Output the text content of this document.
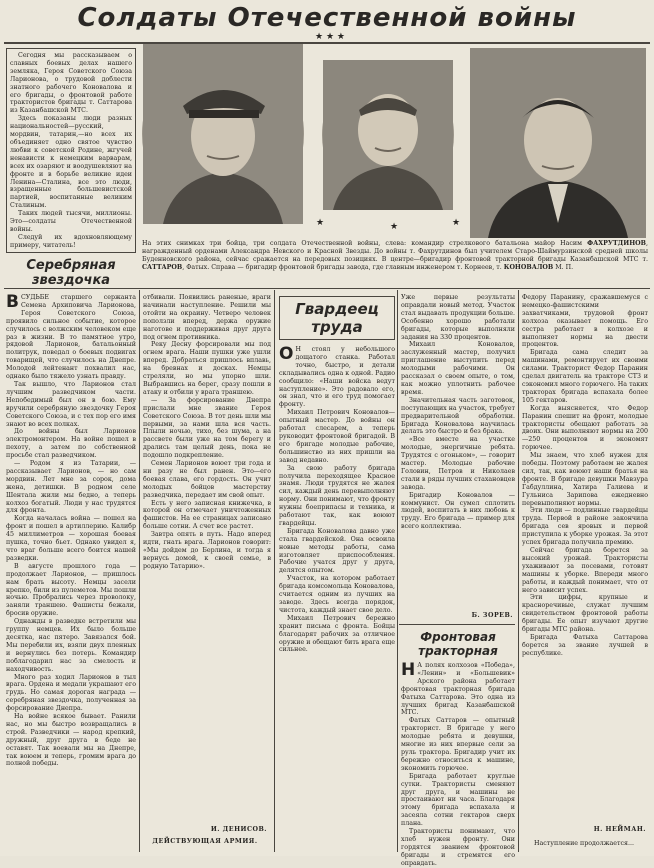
Солдаты Отечественной войны
★ ★ ★

Сегодня мы рассказываем о славных боевых делах нашего земляка, Героя Советского Союза Ларионова, о трудовой доблести знатного рабочего Коновалова и его бригады, о фронтовой работе трактористов бригады т. Саттарова из Казанбашской МТС.

Здесь показаны люди разных национальностей—русский, мордвин, татарин,—но всех их объединяет одно святое чувство любви к советской Родине, жгучей ненависти к немецким варварам, всех их озаряют и воодушевляют на фронте и в борьбе великие идеи Ленина—Сталина, все это люди, взращенные большевистской партией, воспитанные великим Сталиным.

Таких людей тысячи, миллионы. Это—солдаты Отечественной войны.

Следуй их вдохновляющему примеру, читатель!

★	★	★
На этих снимках три бойца, три солдата Отечественной войны, слева: командир стрелкового батальона майор Насим ФАХРУТДИНОВ, награжденный орденами Александра Невского и Красной Звезды. До войны т. Фахрутдинов был учителем Старо-Шаймурзинской средней школы Буденновского района, сейчас сражается на передовых позициях. В центре—бригадир фронтовой тракторной бригады Казанбашской МТС т. САТТАРОВ, Фатых. Справа — бригадир фронтовой бригады завода, где главным инженером т. Корнеев, т. КОНОВАЛОВ М. П.
Серебряная звездочка

ВСУДЬБЕ старшего сержанта Семена Архиповича Ларионова, Героя Советского Союза, проявило сильное событие, которое случилось с волжским человеком еще раз в жизни. В то памятное утро, рядовой Ларионов, батальонный политрук, поведал о боевых подвигах товарищей, что случилось на Днепре. Молодой лейтенант похвалил нас, однако было тяжело узнать правду.

Так вышло, что Ларионов стал лучшим разведчиком части. Непобедимый был он в бою. Ему вручили серебряную звездочку Героя Советского Союза, и с тех пор его имя знают во всех полках.

До войны был Ларионов электромонтером. На войне пошел в пехоту, а затем по собственной просьбе стал разведчиком.

— Родом я из Татарии, — рассказывает Ларионов, — но сам мордвин. Лет мне за сорок, дома жена, детишки. В родном селе Шентала жили мы бедно, а теперь колхоз богатый. Люди у нас трудятся для фронта.

Когда началась война — пошел на фронт и пошел в артиллерию. Калибр 45 миллиметров — хорошая боевая пушка, точно бьет. Однако увидел я, что враг больше всего боится нашей разведки.

В августе прошлого года — продолжает Ларионов, — пришлось нам брать высоту. Немцы засели крепко, били из пулеметов. Мы пошли ночью. Пробрались через проволоку, заняли траншею. Фашисты бежали, бросив оружие.

Однажды в разведке встретили мы группу немцев. Их было больше десятка, нас пятеро. Завязался бой. Мы перебили их, взяли двух пленных и вернулись без потерь. Командир поблагодарил нас за смелость и находчивость.

Много раз ходил Ларионов в тыл врага. Ордена и медали украшают его грудь. Но самая дорогая награда — серебряная звездочка, полученная за форсирование Днепра.

На войне всякое бывает. Ранили нас, но мы быстро возвращались в строй. Разведчики — народ крепкий, дружный, друг друга в беде не оставят. Так воевали мы на Днепре, так воюем и теперь, громим врага до полной победы.

отбивали. Появились раненые, враги начинали наступление. Решили мы отойти на окраину. Четверо человек поползли вперед, держа оружие наготове и поддерживая друг друга под огнем противника.

Реку Десну форсировали мы под огнем врага. Наши пушки уже ушли вперед. Добраться пришлось вплавь, на бревнах и досках. Немцы стреляли, но мы упорно шли. Выбравшись на берег, сразу пошли в атаку и отбили у врага траншею.

— За форсирование Днепра прислали мне звание Героя Советского Союза. В тот день шли мы первыми, за нами шла вся часть. Плыли ночью, тихо, без шума, а на рассвете были уже на том берегу и дрались там целый день, пока не подошло подкрепление.

Семен Ларионов воюет три года и ни разу не был ранен. Это—его боевая слава, его гордость. Он учит молодых бойцов мастерству разведчика, передает им свой опыт.

Есть у него записная книжечка, в которой он отмечает уничтоженных фашистов. На ее страницах записано больше сотни. А счет все растет.

Завтра опять в путь. Надо вперед идти, гнать врага. Ларионов говорит: «Мы дойдем до Берлина, и тогда я вернусь домой, к своей семье, в родную Татарию».

И. ДЕНИСОВ.
ДЕЙСТВУЮЩАЯ АРМИЯ.
Гвардеец труда

О Н стоял у небольшого дощатого станка. Работал точно, быстро, и детали складывались одна к одной. Радио сообщило: «Наши войска ведут наступление». Это радовало его, он знал, что и его труд помогает фронту.

Михаил Петрович Коновалов—опытный мастер. До войны он работал слесарем, а теперь руководит фронтовой бригадой. В его бригаде молодые рабочие, большинство из них пришли на завод недавно.

За свою работу бригада получила переходящее Красное знамя. Люди трудятся не жалея сил, каждый день перевыполняют норму. Они понимают, что фронту нужны боеприпасы и техника, и работают так, как воюют гвардейцы.

Бригада Коновалова давно уже стала гвардейской. Она освоила новые методы работы, сама изготовляет приспособления. Рабочие учатся друг у друга, делятся опытом.

Участок, на котором работает бригада комсомольца Коновалова, считается одним из лучших на заводе. Здесь всегда порядок, чистота, каждый знает свое дело.

Михаил Петрович бережно хранит письма с фронта. Бойцы благодарят рабочих за отличное оружие и обещают бить врага еще сильнее.

Уже первые результаты оправдали новый метод. Участок стал выдавать продукции больше. Особенно хорошо работали бригады, которые выполняли задания на 330 процентов.

Михаил Коновалов, заслуженный мастер, получил приглашение выступить перед молодыми рабочими. Он рассказал о своем опыте, о том, как можно уплотнить рабочее время.

Значительная часть заготовок, поступающих на участок, требует предварительной обработки. Бригада Коновалова научилась делать это быстро и без брака.

«Все вместе на участке молодые, энергичные ребята. Трудятся с огоньком», — говорит мастер. Молодые рабочие Головин, Петров и Николаев стали в ряды лучших стахановцев завода.

Бригадир Коновалов — коммунист. Он сумел сплотить людей, воспитать в них любовь к труду. Его бригада — пример для всего коллектива.

Б. ЗОРЕВ.
Фронтовая тракторная

Н А полях колхозов «Победа», «Ленин» и «Большевик» Арского района работает фронтовая тракторная бригада Фатыха Саттарова. Это одна из лучших бригад Казанбашской МТС.

Фатых Саттаров — опытный тракторист. В бригаде у него молодые ребята и девушки, многие из них впервые сели за руль трактора. Бригадир учит их бережно относиться к машине, экономить горючее.

Бригада работает круглые сутки. Трактористы сменяют друг друга, и машины не простаивают ни часа. Благодаря этому бригада вспахала и засеяла сотни гектаров сверх плана.

Трактористы понимают, что хлеб нужен фронту. Они гордятся званием фронтовой бригады и стремятся его оправдать.

Федору Паранину, сражавшемуся с немецко-фашистскими захватчиками, трудовой фронт колхоза оказывает помощь. Его сестра работает в колхозе и выполняет нормы на двести процентов.

Бригада сама следит за машинами, ремонтирует их своими силами. Тракторист Федор Паранин сделал двигатель на тракторе СТЗ и сэкономил много горючего. На таких тракторах бригада вспахала более 105 гектаров.

Когда выясняется, что Федор Паранин спешит на фронт, молодые трактористы обещают работать за двоих. Они выполняют нормы на 200—250 процентов и экономят горючее.

Мы знаем, что хлеб нужен для победы. Поэтому работаем не жалея сил, так, как воюют наши братья на фронте. В бригаде девушки Мавзура Габдуллина, Хатира Галиева и Гульниса Зарипова ежедневно перевыполняют нормы.

Эти люди — подлинные гвардейцы труда. Первой в районе закончила бригада сев яровых и первой приступила к уборке урожая. За этот успех бригада получила премию.

Сейчас бригада борется за высокий урожай. Трактористы ухаживают за посевами, готовят машины к уборке. Впереди много работы, и каждый понимает, что от него зависит успех.

Эти цифры, крупные и красноречивые, служат лучшим свидетельством фронтовой работы бригады. Ее опыт изучают другие бригады МТС района.

Бригада Фатыха Саттарова борется за звание лучшей в республике.

Н. НЕЙМАН.
Наступление продолжается...
